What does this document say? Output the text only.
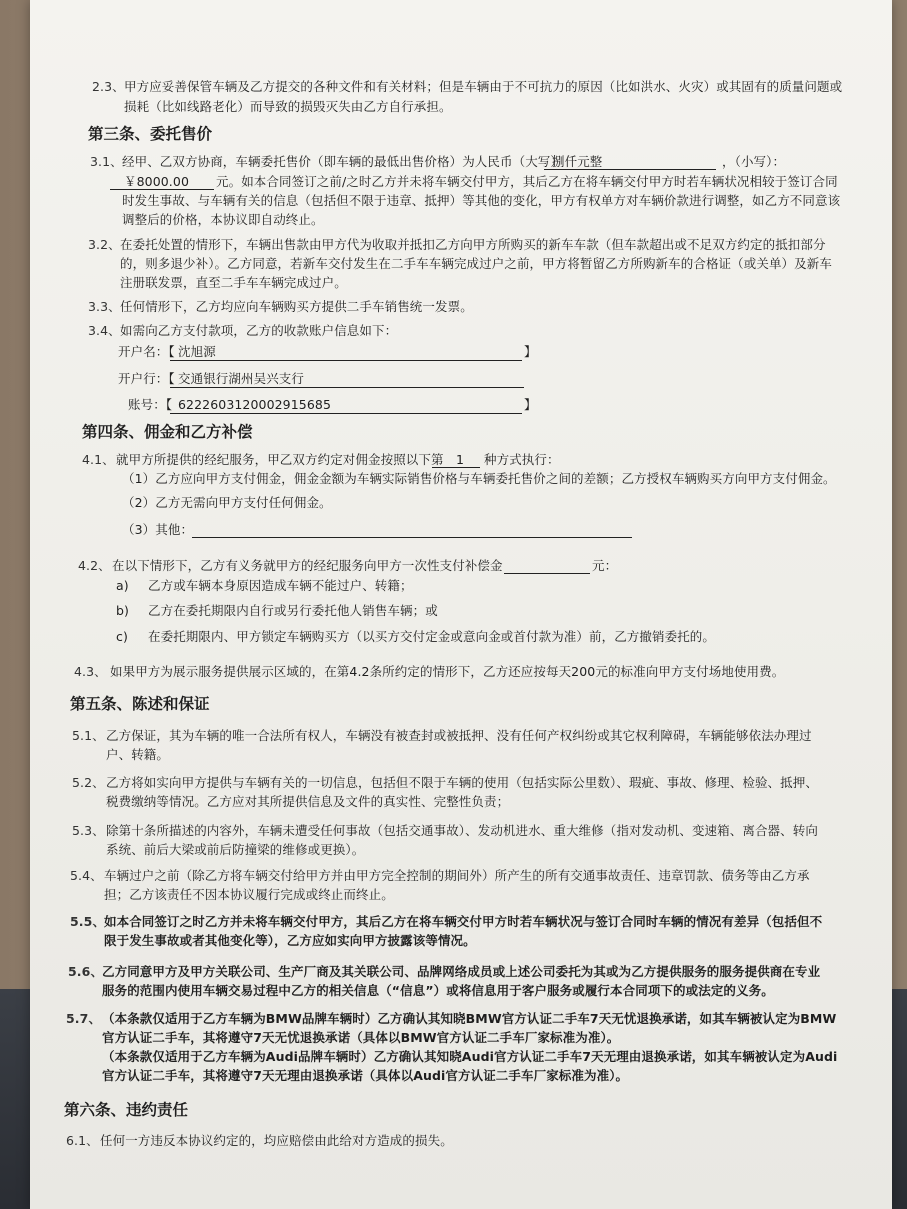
2.3、 甲方应妥善保管车辆及乙方提交的各种文件和有关材料；但是车辆由于不可抗力的原因（比如洪水、火灾）或其固有的质量问题或
损耗（比如线路老化）而导致的损毁灭失由乙方自行承担。
第三条、委托售价
3.1、 经甲、乙双方协商，车辆委托售价（即车辆的最低出售价格）为人民币（大写）
捌仟元整	，（小写）：
￥8000.00 元。如本合同签订之前/之时乙方并未将车辆交付甲方，其后乙方在将车辆交付甲方时若车辆状况相较于签订合同
时发生事故、与车辆有关的信息（包括但不限于违章、抵押）等其他的变化，甲方有权单方对车辆价款进行调整，如乙方不同意该
调整后的价格，本协议即自动终止。
3.2、 在委托处置的情形下，车辆出售款由甲方代为收取并抵扣乙方向甲方所购买的新车车款（但车款超出或不足双方约定的抵扣部分
的，则多退少补）。乙方同意，若新车交付发生在二手车车辆完成过户之前，甲方将暂留乙方所购新车的合格证（或关单）及新车
注册联发票，直至二手车车辆完成过户。
3.3、 任何情形下，乙方均应向车辆购买方提供二手车销售统一发票。
3.4、 如需向乙方支付款项，乙方的收款账户信息如下：
开户名：【 沈旭源	】
开户行：【 交通银行湖州吴兴支行
账号：【 6222603120002915685	】
第四条、佣金和乙方补偿
4.1、 就甲方所提供的经纪服务，甲乙双方约定对佣金按照以下第 1 种方式执行：
（1）乙方应向甲方支付佣金，佣金金额为车辆实际销售价格与车辆委托售价之间的差额；乙方授权车辆购买方向甲方支付佣金。
（2）乙方无需向甲方支付任何佣金。
（3）其他：
4.2、 在以下情形下，乙方有义务就甲方的经纪服务向甲方一次性支付补偿金	元：
a) 乙方或车辆本身原因造成车辆不能过户、转籍；
b) 乙方在委托期限内自行或另行委托他人销售车辆；或
c) 在委托期限内、甲方锁定车辆购买方（以买方交付定金或意向金或首付款为准）前，乙方撤销委托的。
4.3、 如果甲方为展示服务提供展示区域的，在第4.2条所约定的情形下，乙方还应按每天200元的标准向甲方支付场地使用费。
第五条、陈述和保证
5.1、 乙方保证，其为车辆的唯一合法所有权人，车辆没有被查封或被抵押、没有任何产权纠纷或其它权利障碍，车辆能够依法办理过
户、转籍。
5.2、 乙方将如实向甲方提供与车辆有关的一切信息，包括但不限于车辆的使用（包括实际公里数）、瑕疵、事故、修理、检验、抵押、
税费缴纳等情况。乙方应对其所提供信息及文件的真实性、完整性负责；
5.3、 除第十条所描述的内容外，车辆未遭受任何事故（包括交通事故）、发动机进水、重大维修（指对发动机、变速箱、离合器、转向
系统、前后大梁或前后防撞梁的维修或更换）。
5.4、 车辆过户之前（除乙方将车辆交付给甲方并由甲方完全控制的期间外）所产生的所有交通事故责任、违章罚款、债务等由乙方承
担；乙方该责任不因本协议履行完成或终止而终止。
5.5、
如本合同签订之时乙方并未将车辆交付甲方，其后乙方在将车辆交付甲方时若车辆状况与签订合同时车辆的情况有差异（包括但不
限于发生事故或者其他变化等），乙方应如实向甲方披露该等情况。
5.6、
乙方同意甲方及甲方关联公司、生产厂商及其关联公司、品牌网络成员或上述公司委托为其或为乙方提供服务的服务提供商在专业
服务的范围内使用车辆交易过程中乙方的相关信息（“信息”）或将信息用于客户服务或履行本合同项下的或法定的义务。
5.7、 （本条款仅适用于乙方车辆为BMW品牌车辆时）乙方确认其知晓BMW官方认证二手车7天无忧退换承诺，如其车辆被认定为BMW
官方认证二手车，其将遵守7天无忧退换承诺（具体以BMW官方认证二手车厂家标准为准）。
（本条款仅适用于乙方车辆为Audi品牌车辆时）乙方确认其知晓Audi官方认证二手车7天无理由退换承诺，如其车辆被认定为Audi
官方认证二手车，其将遵守7天无理由退换承诺（具体以Audi官方认证二手车厂家标准为准）。
第六条、违约责任
6.1、 任何一方违反本协议约定的，均应赔偿由此给对方造成的损失。
